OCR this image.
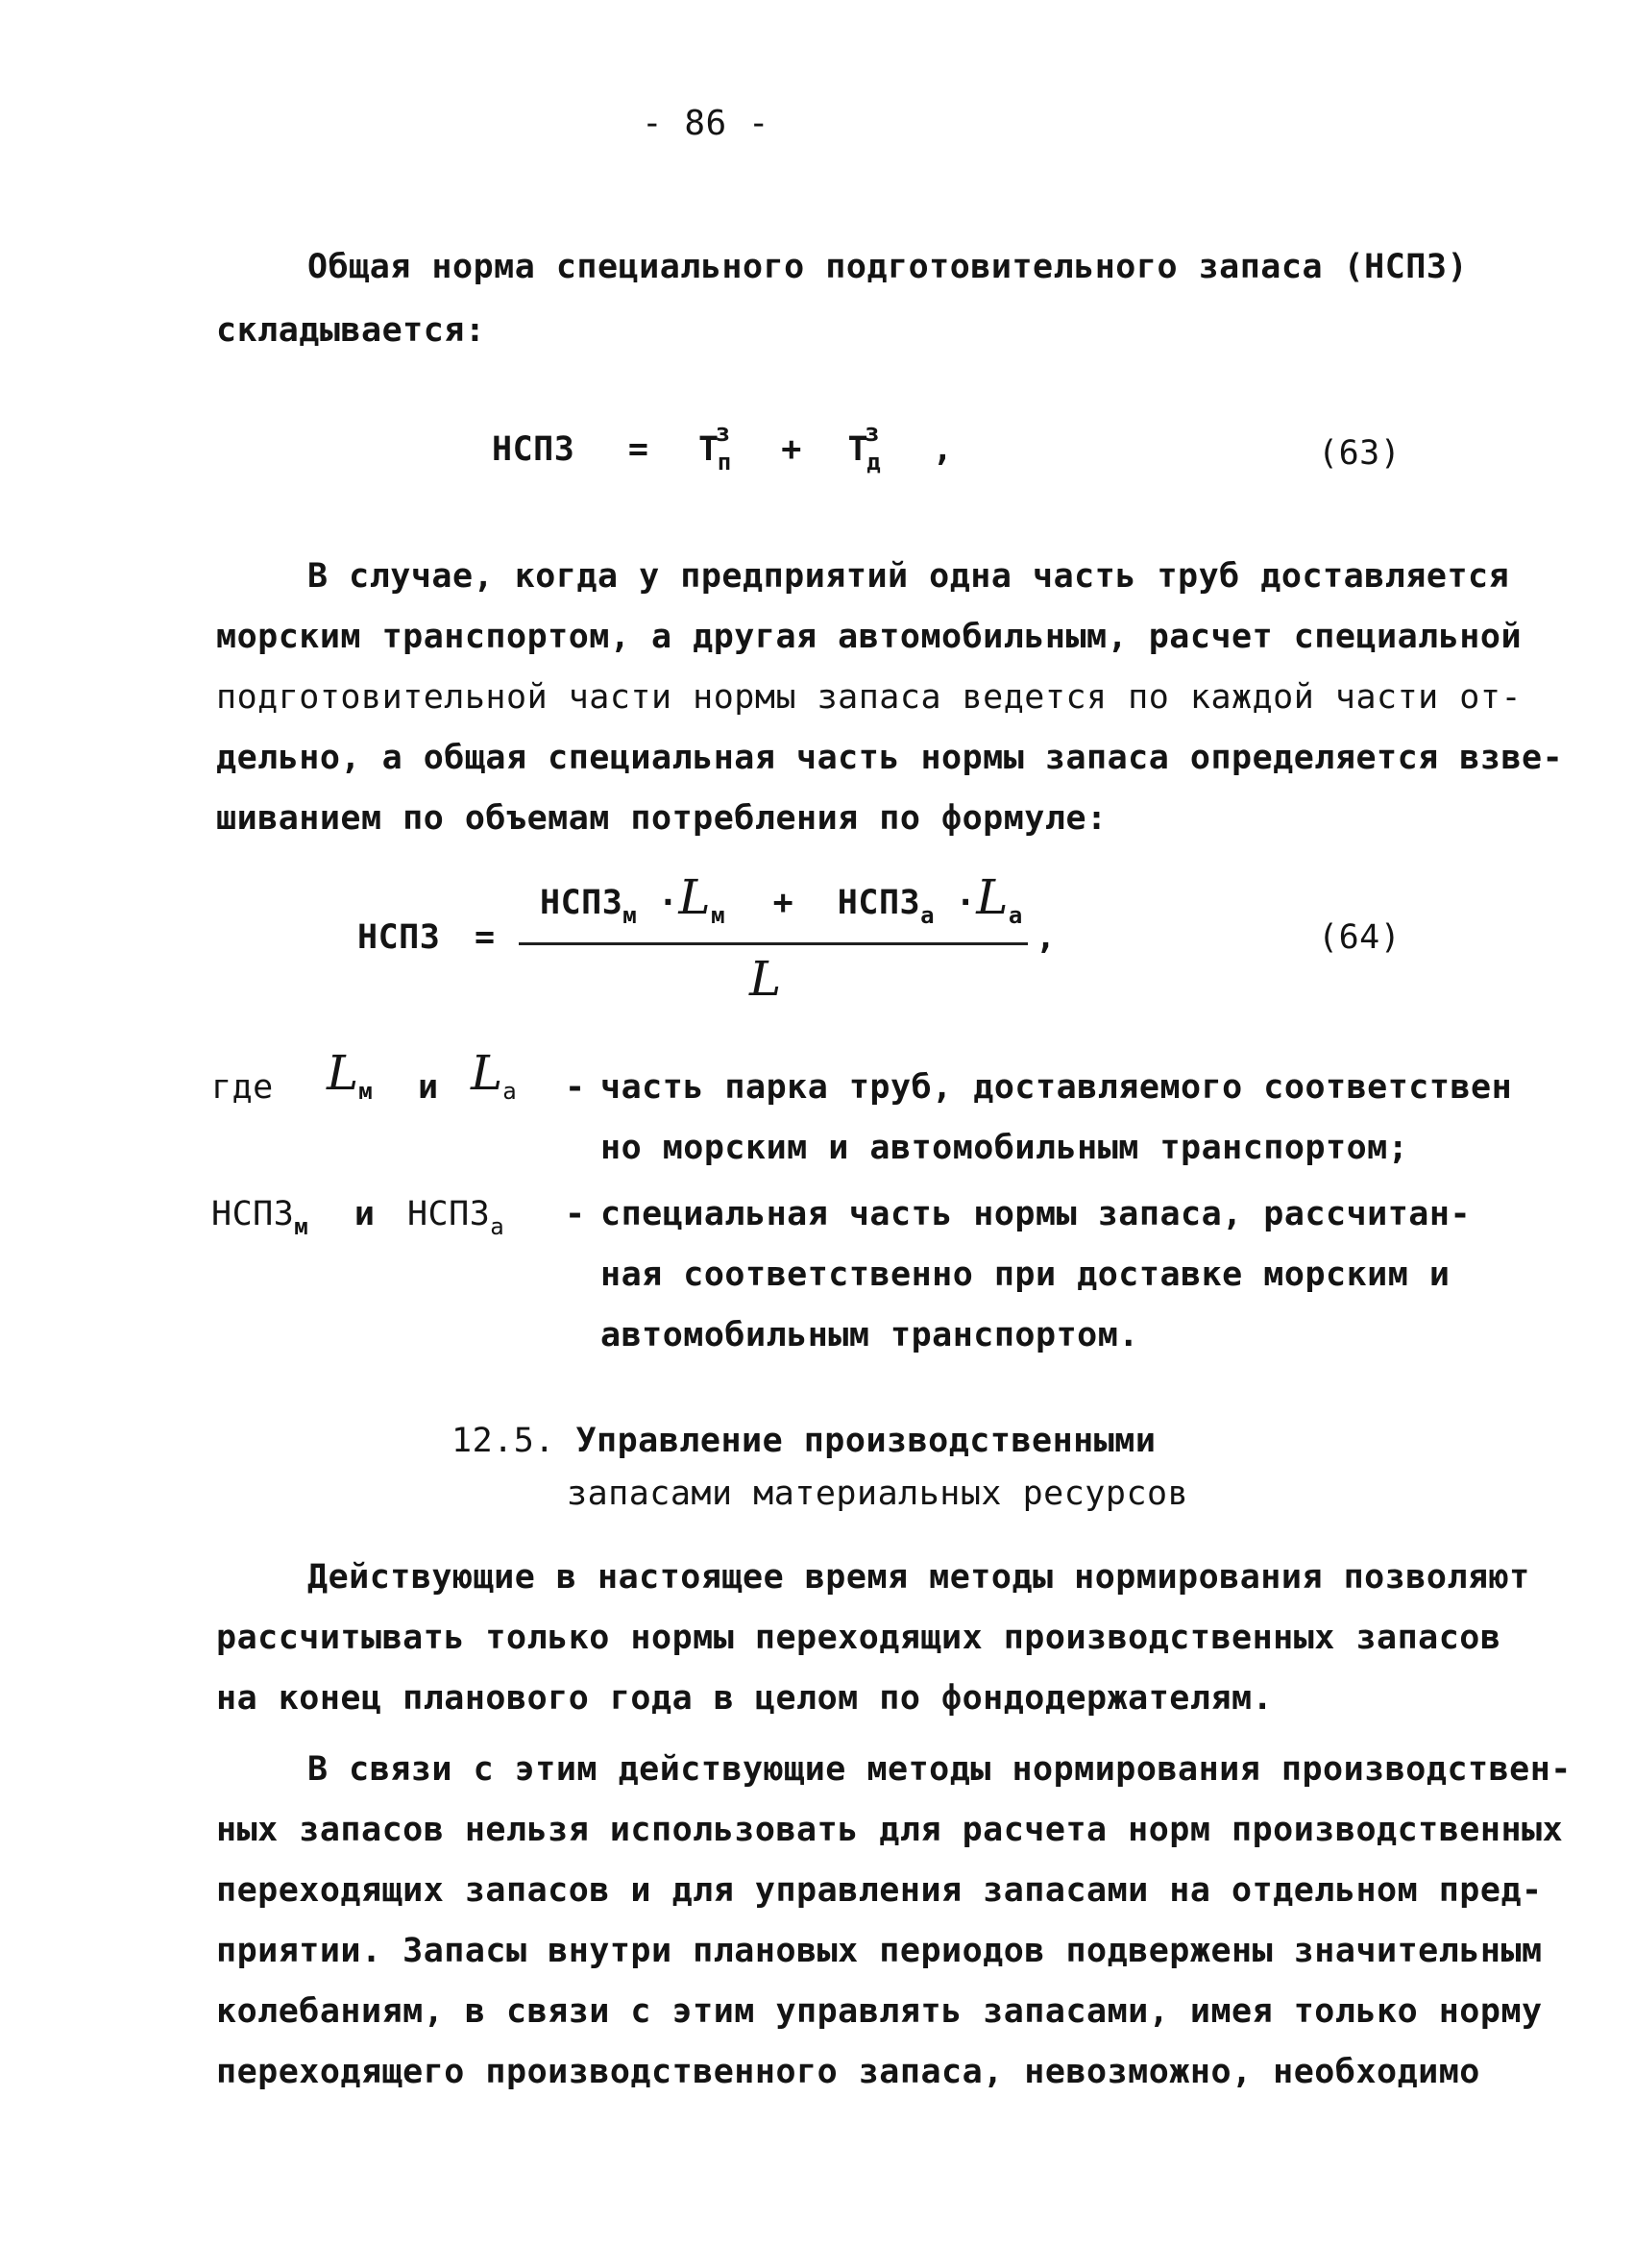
- 86 -
Общая норма специального подготовительного запаса (НСПЗ)
складывается:
НСПЗ = $Т^з_п + Т^з_д$ ,	(63)
В случае, когда у предприятий одна часть труб доставляется
морским транспортом, а другая автомобильным, расчет специальной
подготовительной части нормы запаса ведется по каждой части от-
дельно, а общая специальная часть нормы запаса определяется взве-
шиванием по объемам потребления по формуле:
НСПЗ =
$НСПЗ_м \cdot L_м$ + $НСПЗ_а \cdot L_а$
L
,	(64)
где Lм и Lа - часть парка труб, доставляемого соответствен
но морским и автомобильным транспортом;
$НСПЗ_м$ и $НСПЗ_а$ - специальная часть нормы запаса, рассчитан-
ная соответственно при доставке морским и
автомобильным транспортом.
12.5. Управление производственными
запасами материальных ресурсов
Действующие в настоящее время методы нормирования позволяют
рассчитывать только нормы переходящих производственных запасов
на конец планового года в целом по фондодержателям.
В связи с этим действующие методы нормирования производствен-
ных запасов нельзя использовать для расчета норм производственных
переходящих запасов и для управления запасами на отдельном пред-
приятии. Запасы внутри плановых периодов подвержены значительным
колебаниям, в связи с этим управлять запасами, имея только норму
переходящего производственного запаса, невозможно, необходимо
